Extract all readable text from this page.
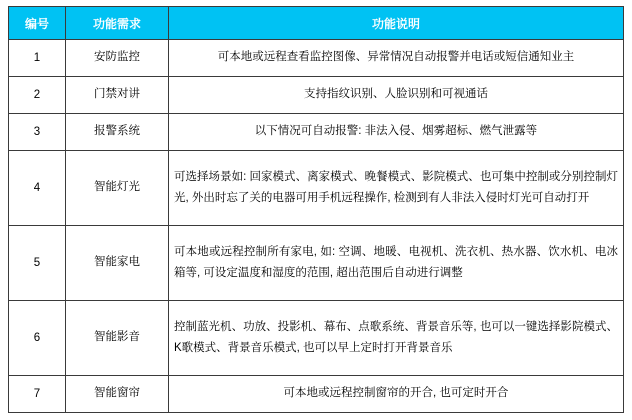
编号	功能需求	功能说明
1	安防监控	可本地或远程查看监控图像、异常情况自动报警并电话或短信通知业主
2	门禁对讲	支持指纹识别、人脸识别和可视通话
3	报警系统	以下情况可自动报警: 非法入侵、烟雾超标、燃气泄露等
4	智能灯光	可选择场景如: 回家模式、离家模式、晚餐模式、影院模式、也可集中控制或分别控制灯光, 外出时忘了关的电器可用手机远程操作, 检测到有人非法入侵时灯光可自动打开
5	智能家电	可本地或远程控制所有家电, 如: 空调、地暖、电视机、洗衣机、热水器、饮水机、电冰箱等, 可设定温度和湿度的范围, 超出范围后自动进行调整
6	智能影音	控制蓝光机、功放、投影机、幕布、点歌系统、背景音乐等, 也可以一键选择影院模式、K歌模式、背景音乐模式, 也可以早上定时打开背景音乐
7	智能窗帘	可本地或远程控制窗帘的开合, 也可定时开合
